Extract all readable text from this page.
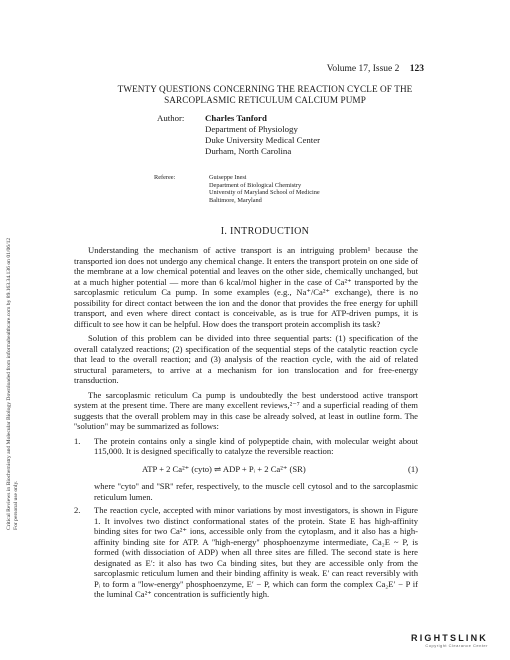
Critical Reviews in Biochemistry and Molecular Biology Downloaded from informahealthcare.com by 89.163.34.136 on 01/06/12 For personal use only.
Volume 17, Issue 2 123
TWENTY QUESTIONS CONCERNING THE REACTION CYCLE OF THE
SARCOPLASMIC RETICULUM CALCIUM PUMP
Author:	Charles Tanford
Department of Physiology
Duke University Medical Center
Durham, North Carolina
Referee:	Guiseppe Inesi
Department of Biological Chemistry
University of Maryland School of Medicine
Baltimore, Maryland
I. INTRODUCTION

Understanding the mechanism of active transport is an intriguing problem¹ because the transported ion does not undergo any chemical change. It enters the transport protein on one side of the membrane at a low chemical potential and leaves on the other side, chemically unchanged, but at a much higher potential — more than 6 kcal/mol higher in the case of Ca²⁺ transported by the sarcoplasmic reticulum Ca pump. In some examples (e.g., Na⁺/Ca²⁺ exchange), there is no possibility for direct contact between the ion and the donor that provides the free energy for uphill transport, and even where direct contact is conceivable, as is true for ATP-driven pumps, it is difficult to see how it can be helpful. How does the transport protein accomplish its task?

Solution of this problem can be divided into three sequential parts: (1) specification of the overall catalyzed reactions; (2) specification of the sequential steps of the catalytic reaction cycle that lead to the overall reaction; and (3) analysis of the reaction cycle, with the aid of related structural parameters, to arrive at a mechanism for ion translocation and for free-energy transduction.

The sarcoplasmic reticulum Ca pump is undoubtedly the best understood active transport system at the present time. There are many excellent reviews,²⁻⁷ and a superficial reading of them suggests that the overall problem may in this case be already solved, at least in outline form. The ''solution'' may be summarized as follows:

1. The protein contains only a single kind of polypeptide chain, with molecular weight about 115,000. It is designed specifically to catalyze the reversible reaction:

ATP + 2 Ca²⁺ (cyto) ⇌ ADP + Pᵢ + 2 Ca²⁺ (SR)	(1)

where ''cyto'' and ''SR'' refer, respectively, to the muscle cell cytosol and to the sarcoplasmic reticulum lumen.

2. The reaction cycle, accepted with minor variations by most investigators, is shown in Figure 1. It involves two distinct conformational states of the protein. State E has high-affinity binding sites for two Ca²⁺ ions, accessible only from the cytoplasm, and it also has a high-affinity binding site for ATP. A ''high-energy'' phosphoenzyme intermediate, Ca₂E ~ P, is formed (with dissociation of ADP) when all three sites are filled. The second state is here designated as E′: it also has two Ca binding sites, but they are accessible only from the sarcoplasmic reticulum lumen and their binding affinity is weak. E′ can react reversibly with Pᵢ to form a ''low-energy'' phosphoenzyme, E′ − P, which can form the complex Ca₂E′ − P if the luminal Ca²⁺ concentration is sufficiently high.

RIGHTSLINK
Copyright Clearance Center
